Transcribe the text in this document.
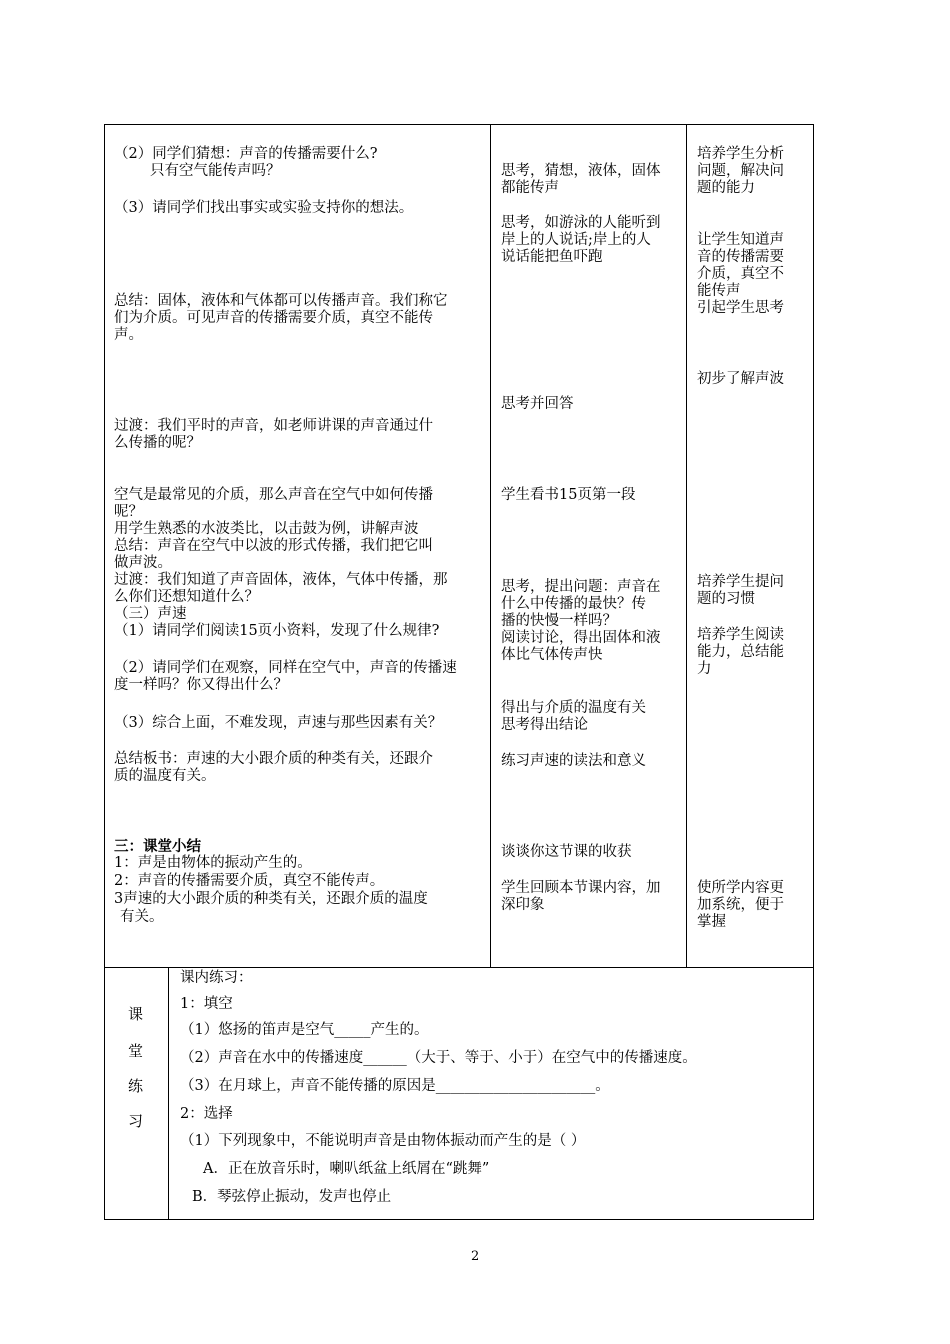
（2）同学们猜想：声音的传播需要什么?
只有空气能传声吗？
（3）请同学们找出事实或实验支持你的想法。
总结：固体，液体和气体都可以传播声音。我们称它
们为介质。可见声音的传播需要介质，真空不能传
声。
过渡：我们平时的声音，如老师讲课的声音通过什
么传播的呢？
空气是最常见的介质，那么声音在空气中如何传播
呢？
用学生熟悉的水波类比，以击鼓为例，讲解声波
总结：声音在空气中以波的形式传播，我们把它叫
做声波。
过渡：我们知道了声音固体，液体，气体中传播，那
么你们还想知道什么？
（三）声速
（1）请同学们阅读15页小资料，发现了什么规律?
（2）请同学们在观察，同样在空气中，声音的传播速
度一样吗？你又得出什么？
（3）综合上面，不难发现，声速与那些因素有关？
总结板书：声速的大小跟介质的种类有关，还跟介
质的温度有关。
三：课堂小结
1：声是由物体的振动产生的。
2：声音的传播需要介质，真空不能传声。
3声速的大小跟介质的种类有关，还跟介质的温度
有关。
思考，猜想，液体，固体
都能传声
思考，如游泳的人能听到
岸上的人说话;岸上的人
说话能把鱼吓跑
思考并回答
学生看书15页第一段
思考，提出问题：声音在
什么中传播的最快？传
播的快慢一样吗？
阅读讨论，得出固体和液
体比气体传声快
得出与介质的温度有关
思考得出结论
练习声速的读法和意义
谈谈你这节课的收获
学生回顾本节课内容，加
深印象
培养学生分析
问题，解决问
题的能力
让学生知道声
音的传播需要
介质，真空不
能传声
引起学生思考
初步了解声波
培养学生提问
题的习惯
培养学生阅读
能力，总结能
力
使所学内容更
加系统，便于
掌握
课
堂
练
习
课内练习：
1：填空
（1）悠扬的笛声是空气_____产生的。
（2）声音在水中的传播速度______（大于、等于、小于）在空气中的传播速度。
（3）在月球上，声音不能传播的原因是______________________。
2：选择
（1）下列现象中，不能说明声音是由物体振动而产生的是（ ）
A．正在放音乐时，喇叭纸盆上纸屑在“跳舞”
B．琴弦停止振动，发声也停止
2
